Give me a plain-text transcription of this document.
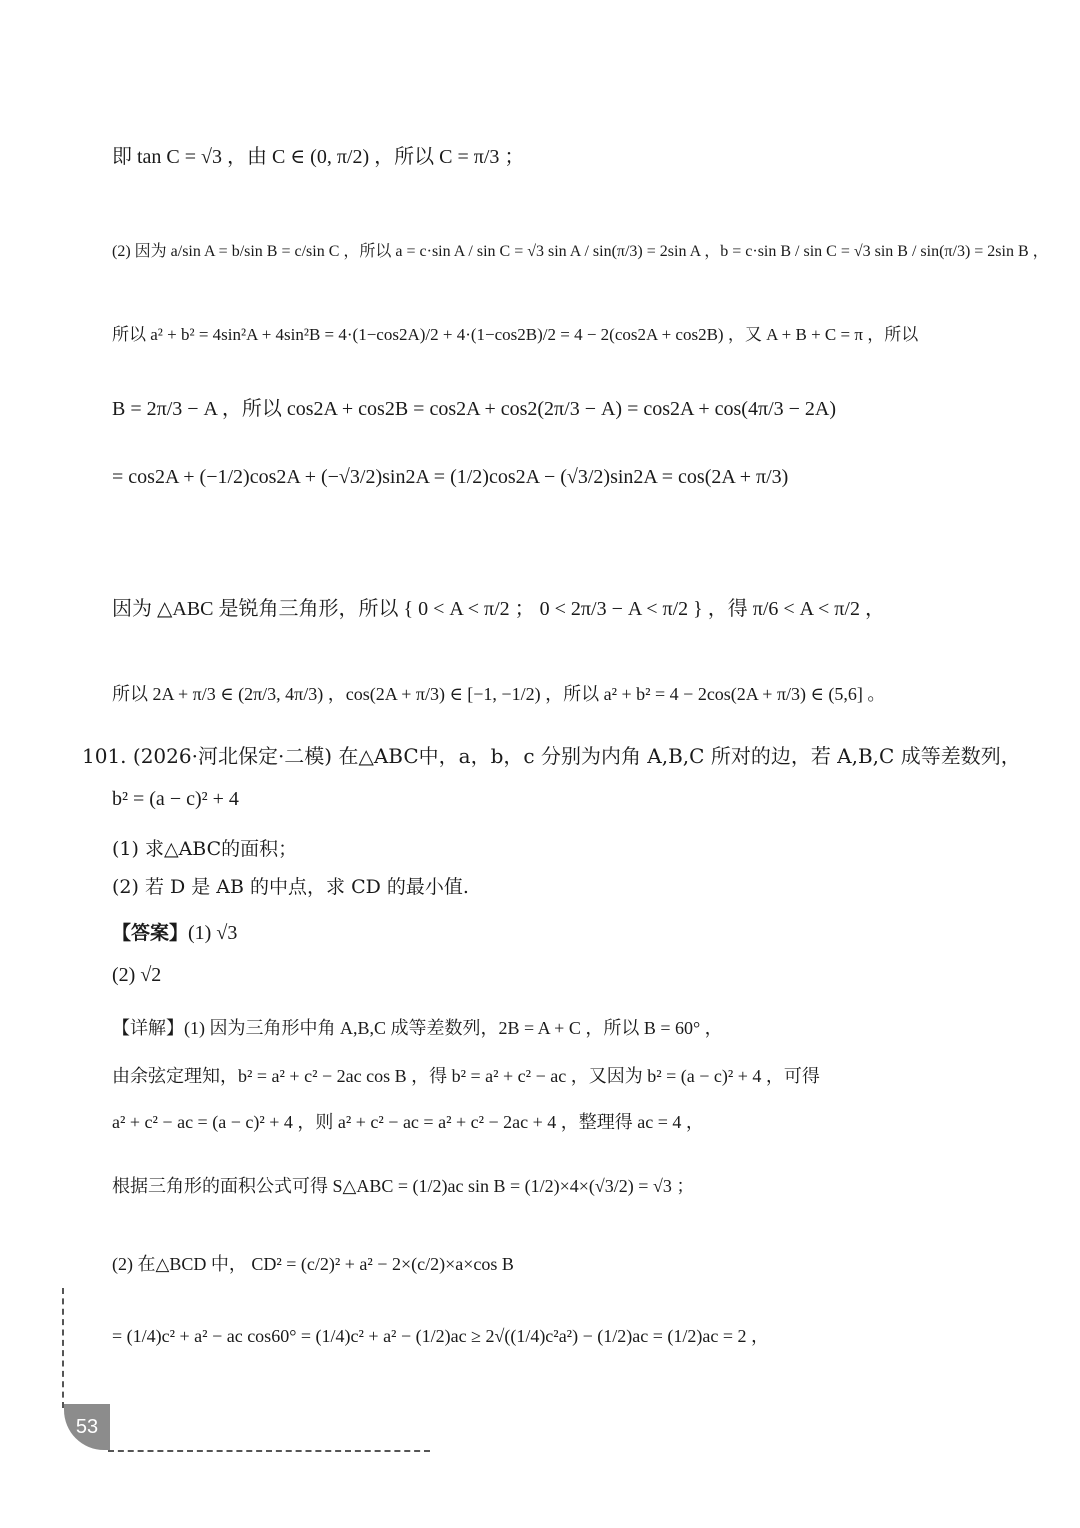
即 tan C = √3 ，由 C ∈ (0, π/2) ，所以 C = π/3 ；
(2) 因为 a/sin A = b/sin B = c/sin C ，所以 a = c·sin A / sin C = √3 sin A / sin(π/3) = 2sin A ，b = c·sin B / sin C = √3 sin B / sin(π/3) = 2sin B ，
所以 a² + b² = 4sin²A + 4sin²B = 4·(1−cos2A)/2 + 4·(1−cos2B)/2 = 4 − 2(cos2A + cos2B) ，又 A + B + C = π ，所以
B = 2π/3 − A ，所以 cos2A + cos2B = cos2A + cos2(2π/3 − A) = cos2A + cos(4π/3 − 2A)
= cos2A + (−1/2)cos2A + (−√3/2)sin2A = (1/2)cos2A − (√3/2)sin2A = cos(2A + π/3)
因为 △ABC 是锐角三角形，所以 { 0 < A < π/2 ； 0 < 2π/3 − A < π/2 } ，得 π/6 < A < π/2 ，
所以 2A + π/3 ∈ (2π/3, 4π/3) ，cos(2A + π/3) ∈ [−1, −1/2) ，所以 a² + b² = 4 − 2cos(2A + π/3) ∈ (5,6] 。
101. (2026·河北保定·二模) 在△ABC中，a，b，c 分别为内角 A,B,C 所对的边，若 A,B,C 成等差数列，
b² = (a − c)² + 4
(1) 求△ABC的面积；
(2) 若 D 是 AB 的中点，求 CD 的最小值.
【答案】(1) √3
(2) √2
【详解】(1) 因为三角形中角 A,B,C 成等差数列，2B = A + C ，所以 B = 60° ，
由余弦定理知，b² = a² + c² − 2ac cos B ，得 b² = a² + c² − ac ，又因为 b² = (a − c)² + 4 ，可得
a² + c² − ac = (a − c)² + 4 ，则 a² + c² − ac = a² + c² − 2ac + 4 ，整理得 ac = 4 ，
根据三角形的面积公式可得 S△ABC = (1/2)ac sin B = (1/2)×4×(√3/2) = √3 ；
(2) 在△BCD 中， CD² = (c/2)² + a² − 2×(c/2)×a×cos B
= (1/4)c² + a² − ac cos60° = (1/4)c² + a² − (1/2)ac ≥ 2√((1/4)c²a²) − (1/2)ac = (1/2)ac = 2 ，
53
